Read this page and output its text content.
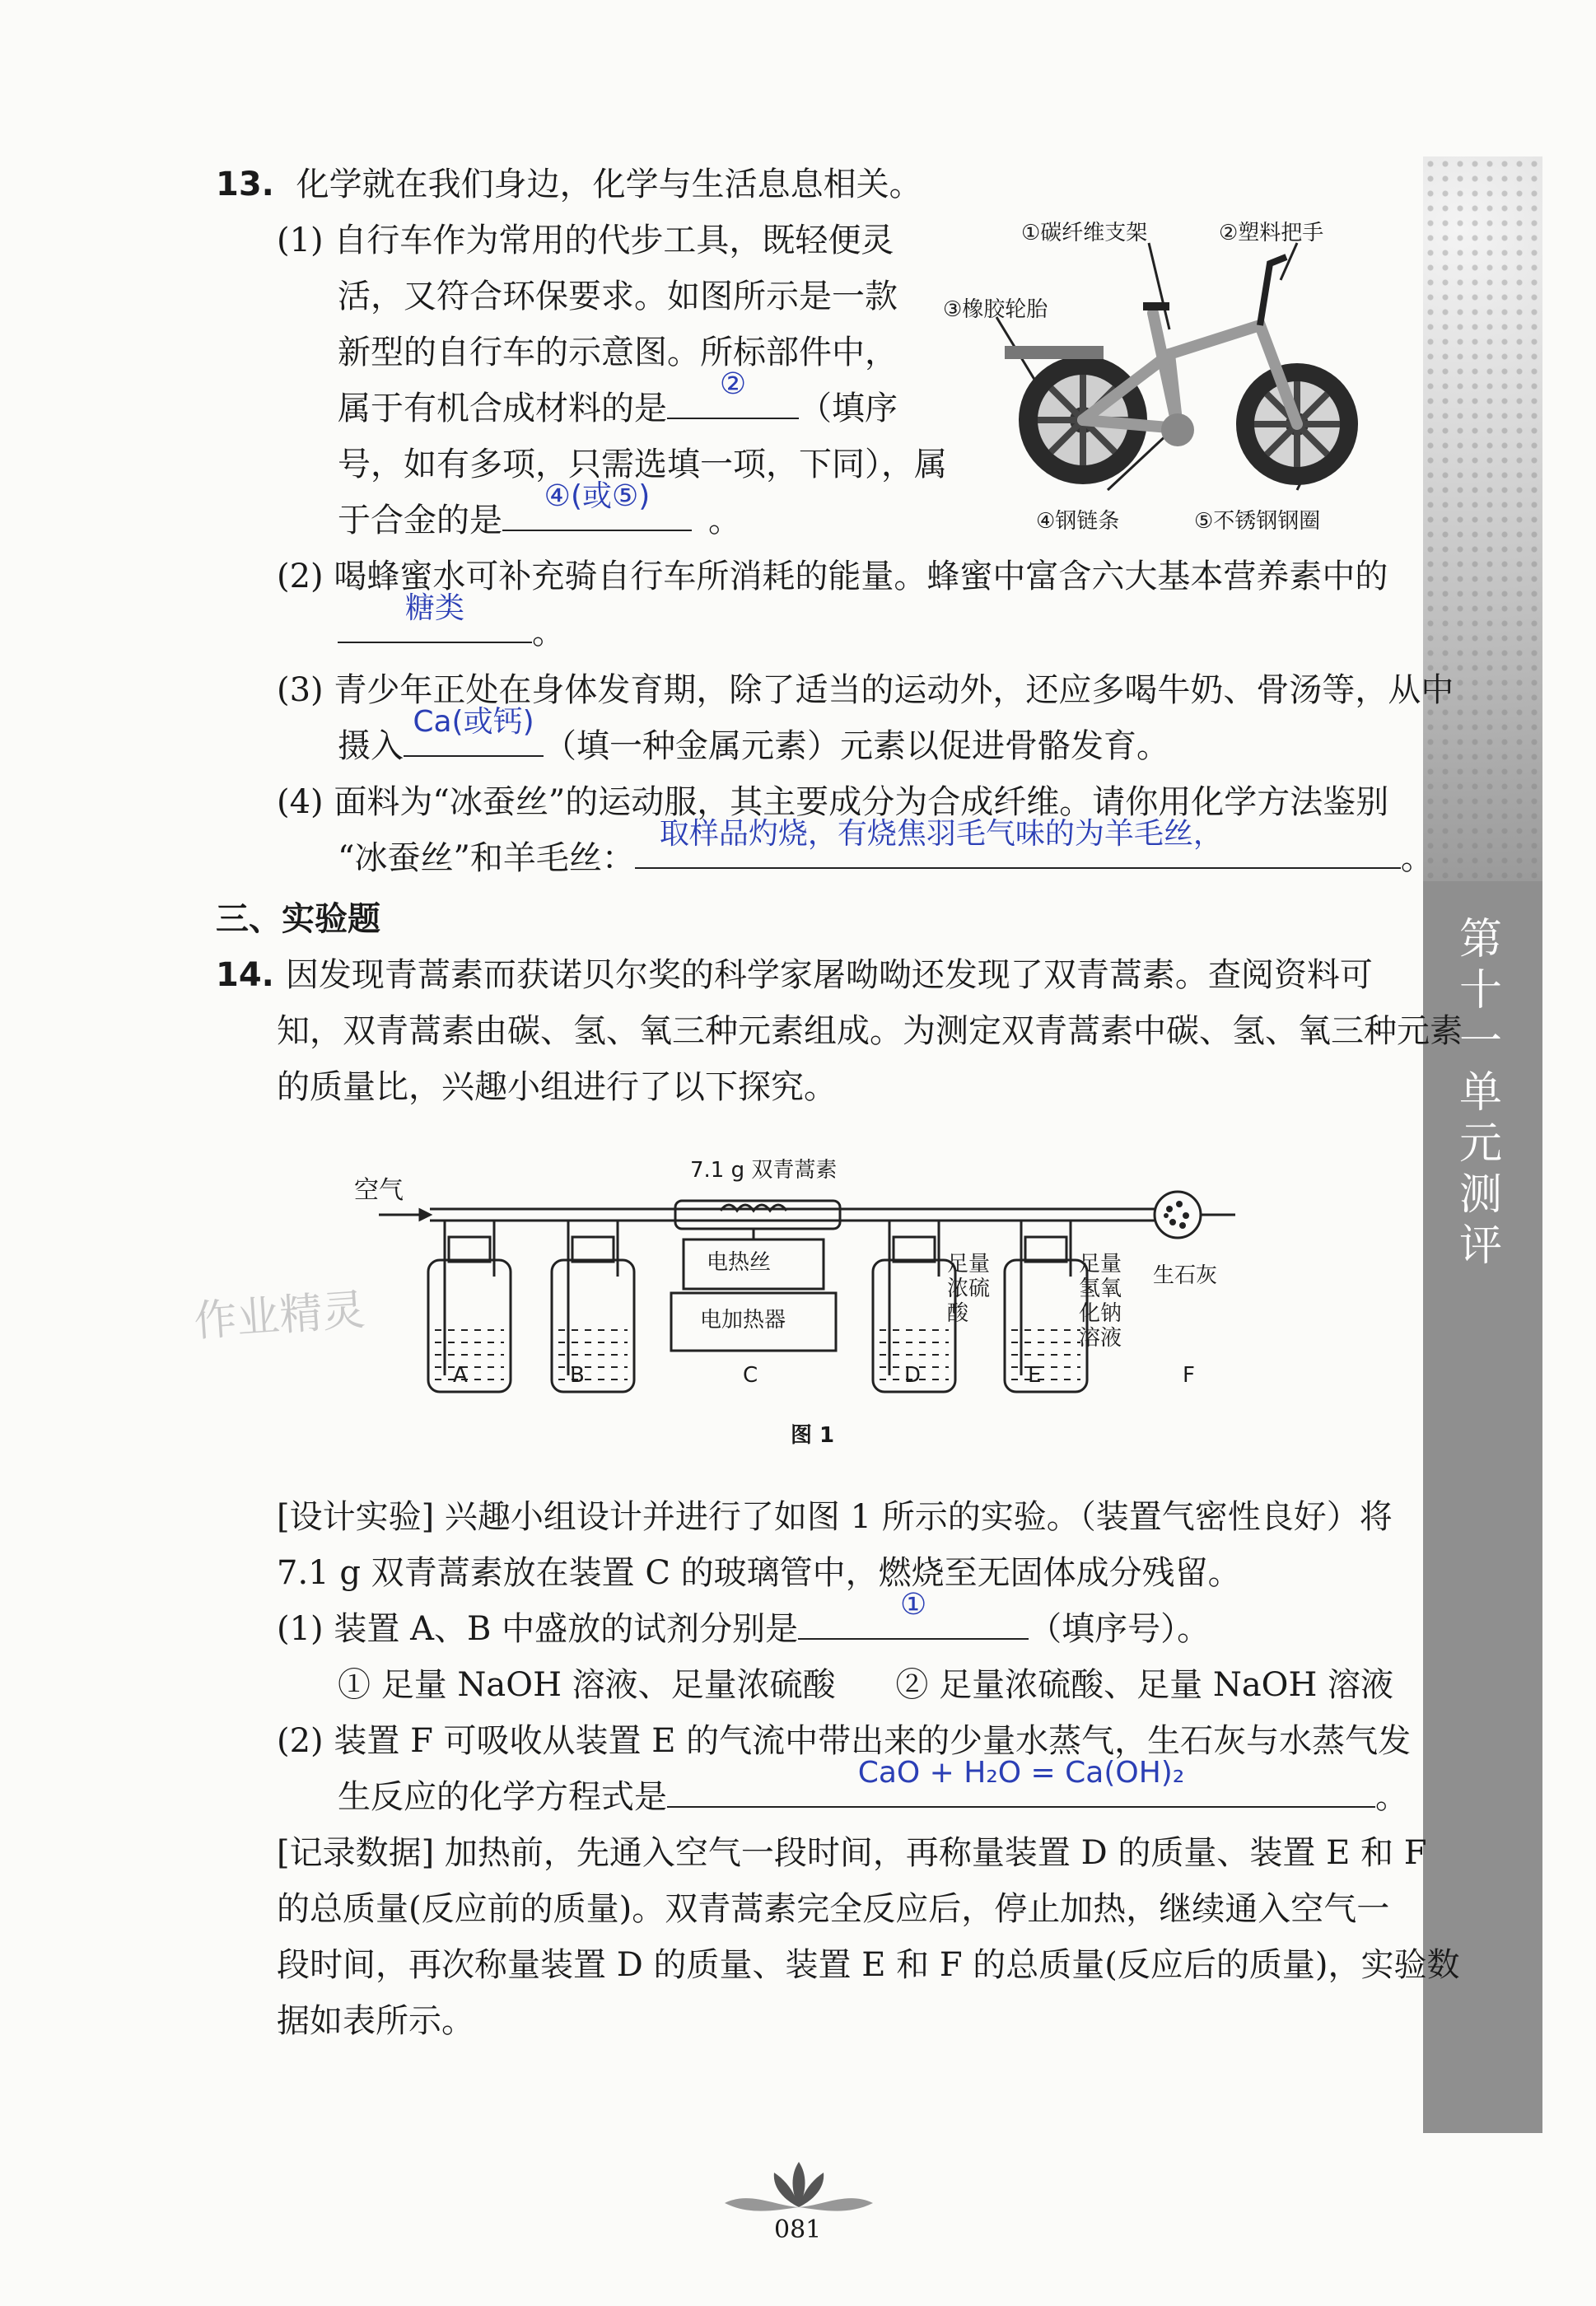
第十一单元测评
13. 化学就在我们身边，化学与生活息息相关。
(1) 自行车作为常用的代步工具，既轻便灵
活，又符合环保要求。如图所示是一款
新型的自行车的示意图。所标部件中，
属于有机合成材料的是
②
（填序
号，如有多项，只需选填一项，下同），属
于合金的是
④(或⑤)
。
①碳纤维支架	②塑料把手
③橡胶轮胎
④钢链条	⑤不锈钢钢圈
(2) 喝蜂蜜水可补充骑自行车所消耗的能量。蜂蜜中富含六大基本营养素中的
糖类
。
(3) 青少年正处在身体发育期，除了适当的运动外，还应多喝牛奶、骨汤等，从中
摄入
Ca(或钙)
（填一种金属元素）元素以促进骨骼发育。
(4) 面料为“冰蚕丝”的运动服，其主要成分为合成纤维。请你用化学方法鉴别
“冰蚕丝”和羊毛丝：
取样品灼烧，有烧焦羽毛气味的为羊毛丝，
。
三、实验题
14. 因发现青蒿素而获诺贝尔奖的科学家屠呦呦还发现了双青蒿素。查阅资料可
知，双青蒿素由碳、氢、氧三种元素组成。为测定双青蒿素中碳、氢、氧三种元素
的质量比，兴趣小组进行了以下探究。
空气
7.1 g 双青蒿素
电热丝
电加热器
足量浓硫酸
足量氢氧化钠溶液
生石灰
A	B	C	D	E	F
图 1
作业精灵
[设计实验] 兴趣小组设计并进行了如图 1 所示的实验。（装置气密性良好）将
7.1 g 双青蒿素放在装置 C 的玻璃管中，燃烧至无固体成分残留。
(1) 装置 A、B 中盛放的试剂分别是
①
（填序号）。
① 足量 NaOH 溶液、足量浓硫酸 ② 足量浓硫酸、足量 NaOH 溶液
(2) 装置 F 可吸收从装置 E 的气流中带出来的少量水蒸气，生石灰与水蒸气发
生反应的化学方程式是
CaO + H₂O = Ca(OH)₂
。
[记录数据] 加热前，先通入空气一段时间，再称量装置 D 的质量、装置 E 和 F
的总质量(反应前的质量)。双青蒿素完全反应后，停止加热，继续通入空气一
段时间，再次称量装置 D 的质量、装置 E 和 F 的总质量(反应后的质量)，实验数
据如表所示。
081
